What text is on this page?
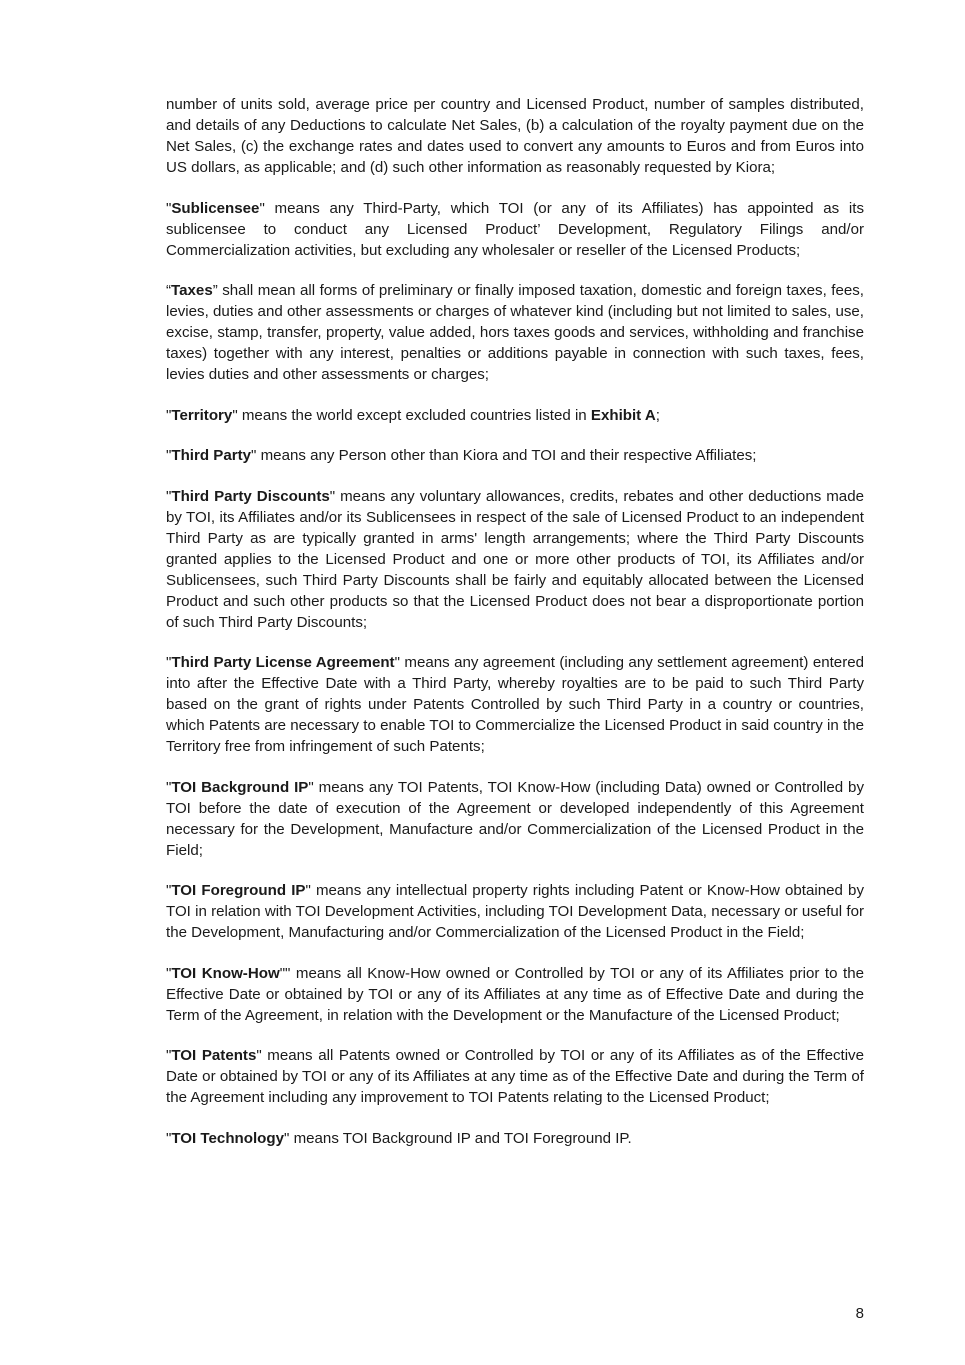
number of units sold, average price per country and Licensed Product, number of samples distributed, and details of any Deductions to calculate Net Sales, (b) a calculation of the royalty payment due on the Net Sales, (c) the exchange rates and dates used to convert any amounts to Euros and from Euros into US dollars, as applicable; and (d) such other information as reasonably requested by Kiora;

"Sublicensee" means any Third-Party, which TOI (or any of its Affiliates) has appointed as its sublicensee to conduct any Licensed Product’ Development, Regulatory Filings and/or Commercialization activities, but excluding any wholesaler or reseller of the Licensed Products;

“Taxes” shall mean all forms of preliminary or finally imposed taxation, domestic and foreign taxes, fees, levies, duties and other assessments or charges of whatever kind (including but not limited to sales, use, excise, stamp, transfer, property, value added, hors taxes goods and services, withholding and franchise taxes) together with any interest, penalties or additions payable in connection with such taxes, fees, levies duties and other assessments or charges;

"Territory" means the world except excluded countries listed in Exhibit A;

"Third Party" means any Person other than Kiora and TOI and their respective Affiliates;

"Third Party Discounts" means any voluntary allowances, credits, rebates and other deductions made by TOI, its Affiliates and/or its Sublicensees in respect of the sale of Licensed Product to an independent Third Party as are typically granted in arms' length arrangements; where the Third Party Discounts granted applies to the Licensed Product and one or more other products of TOI, its Affiliates and/or Sublicensees, such Third Party Discounts shall be fairly and equitably allocated between the Licensed Product and such other products so that the Licensed Product does not bear a disproportionate portion of such Third Party Discounts;

"Third Party License Agreement" means any agreement (including any settlement agreement) entered into after the Effective Date with a Third Party, whereby royalties are to be paid to such Third Party based on the grant of rights under Patents Controlled by such Third Party in a country or countries, which Patents are necessary to enable TOI to Commercialize the Licensed Product in said country in the Territory free from infringement of such Patents;

"TOI Background IP" means any TOI Patents, TOI Know-How (including Data) owned or Controlled by TOI before the date of execution of the Agreement or developed independently of this Agreement necessary for the Development, Manufacture and/or Commercialization of the Licensed Product in the Field;

"TOI Foreground IP" means any intellectual property rights including Patent or Know-How obtained by TOI in relation with TOI Development Activities, including TOI Development Data, necessary or useful for the Development, Manufacturing and/or Commercialization of the Licensed Product in the Field;

"TOI Know-How"" means all Know-How owned or Controlled by TOI or any of its Affiliates prior to the Effective Date or obtained by TOI or any of its Affiliates at any time as of Effective Date and during the Term of the Agreement, in relation with the Development or the Manufacture of the Licensed Product;

"TOI Patents" means all Patents owned or Controlled by TOI or any of its Affiliates as of the Effective Date or obtained by TOI or any of its Affiliates at any time as of the Effective Date and during the Term of the Agreement including any improvement to TOI Patents relating to the Licensed Product;

"TOI Technology" means TOI Background IP and TOI Foreground IP.

8
